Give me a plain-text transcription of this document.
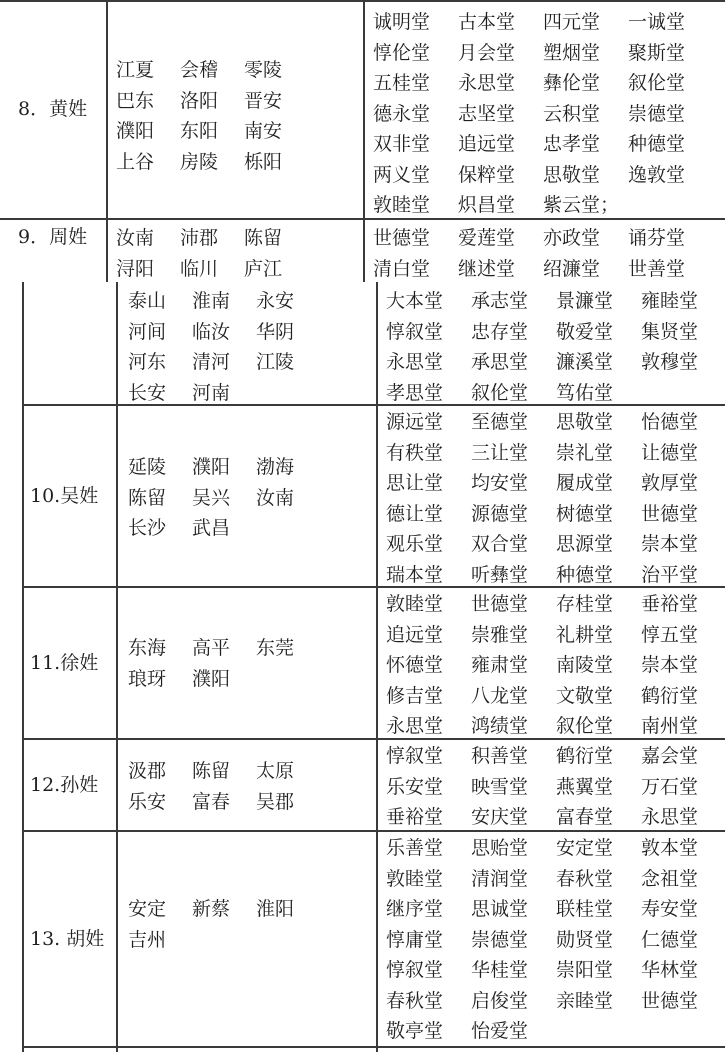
8．黄姓
江夏 会稽 零陵
巴东 洛阳 晋安
濮阳 东阳 南安
上谷 房陵 栎阳
诚明堂 古本堂 四元堂 一诚堂
惇伦堂 月会堂 塑烟堂 聚斯堂
五桂堂 永思堂 彝伦堂 叙伦堂
德永堂 志坚堂 云积堂 崇德堂
双非堂 追远堂 忠孝堂 种德堂
两义堂 保粹堂 思敬堂 逸敦堂
敦睦堂 炽昌堂 紫云堂；
9．周姓	汝南 沛郡 陈留
浔阳 临川 庐江
世德堂 爱莲堂 亦政堂 诵芬堂
清白堂 继述堂 绍濂堂 世善堂
泰山 淮南 永安
河间 临汝 华阴
河东 清河 江陵
长安 河南
大本堂 承志堂 景濂堂 雍睦堂
惇叙堂 忠存堂 敬爱堂 集贤堂
永思堂 承思堂 濂溪堂 敦穆堂
孝思堂 叙伦堂 笃佑堂
10.吴姓
延陵 濮阳 渤海
陈留 吴兴 汝南
长沙 武昌
源远堂 至德堂 思敬堂 怡德堂
有秩堂 三让堂 崇礼堂 让德堂
思让堂 均安堂 履成堂 敦厚堂
德让堂 源德堂 树德堂 世德堂
观乐堂 双合堂 思源堂 崇本堂
瑞本堂 听彝堂 种德堂 治平堂
11.徐姓
东海 高平 东莞
琅玡 濮阳
敦睦堂 世德堂 存桂堂 垂裕堂
追远堂 崇雅堂 礼耕堂 惇五堂
怀德堂 雍肃堂 南陵堂 崇本堂
修吉堂 八龙堂 文敬堂 鹤衍堂
永思堂 鸿绩堂 叙伦堂 南州堂
12.孙姓
汲郡 陈留 太原
乐安 富春 吴郡
惇叙堂 积善堂 鹤衍堂 嘉会堂
乐安堂 映雪堂 燕翼堂 万石堂
垂裕堂 安庆堂 富春堂 永思堂
13. 胡姓
安定 新蔡 淮阳
吉州
乐善堂 思贻堂 安定堂 敦本堂
敦睦堂 清润堂 春秋堂 念祖堂
继序堂 思诚堂 联桂堂 寿安堂
惇庸堂 崇德堂 勋贤堂 仁德堂
惇叙堂 华桂堂 崇阳堂 华林堂
春秋堂 启俊堂 亲睦堂 世德堂
敬亭堂 怡爱堂
